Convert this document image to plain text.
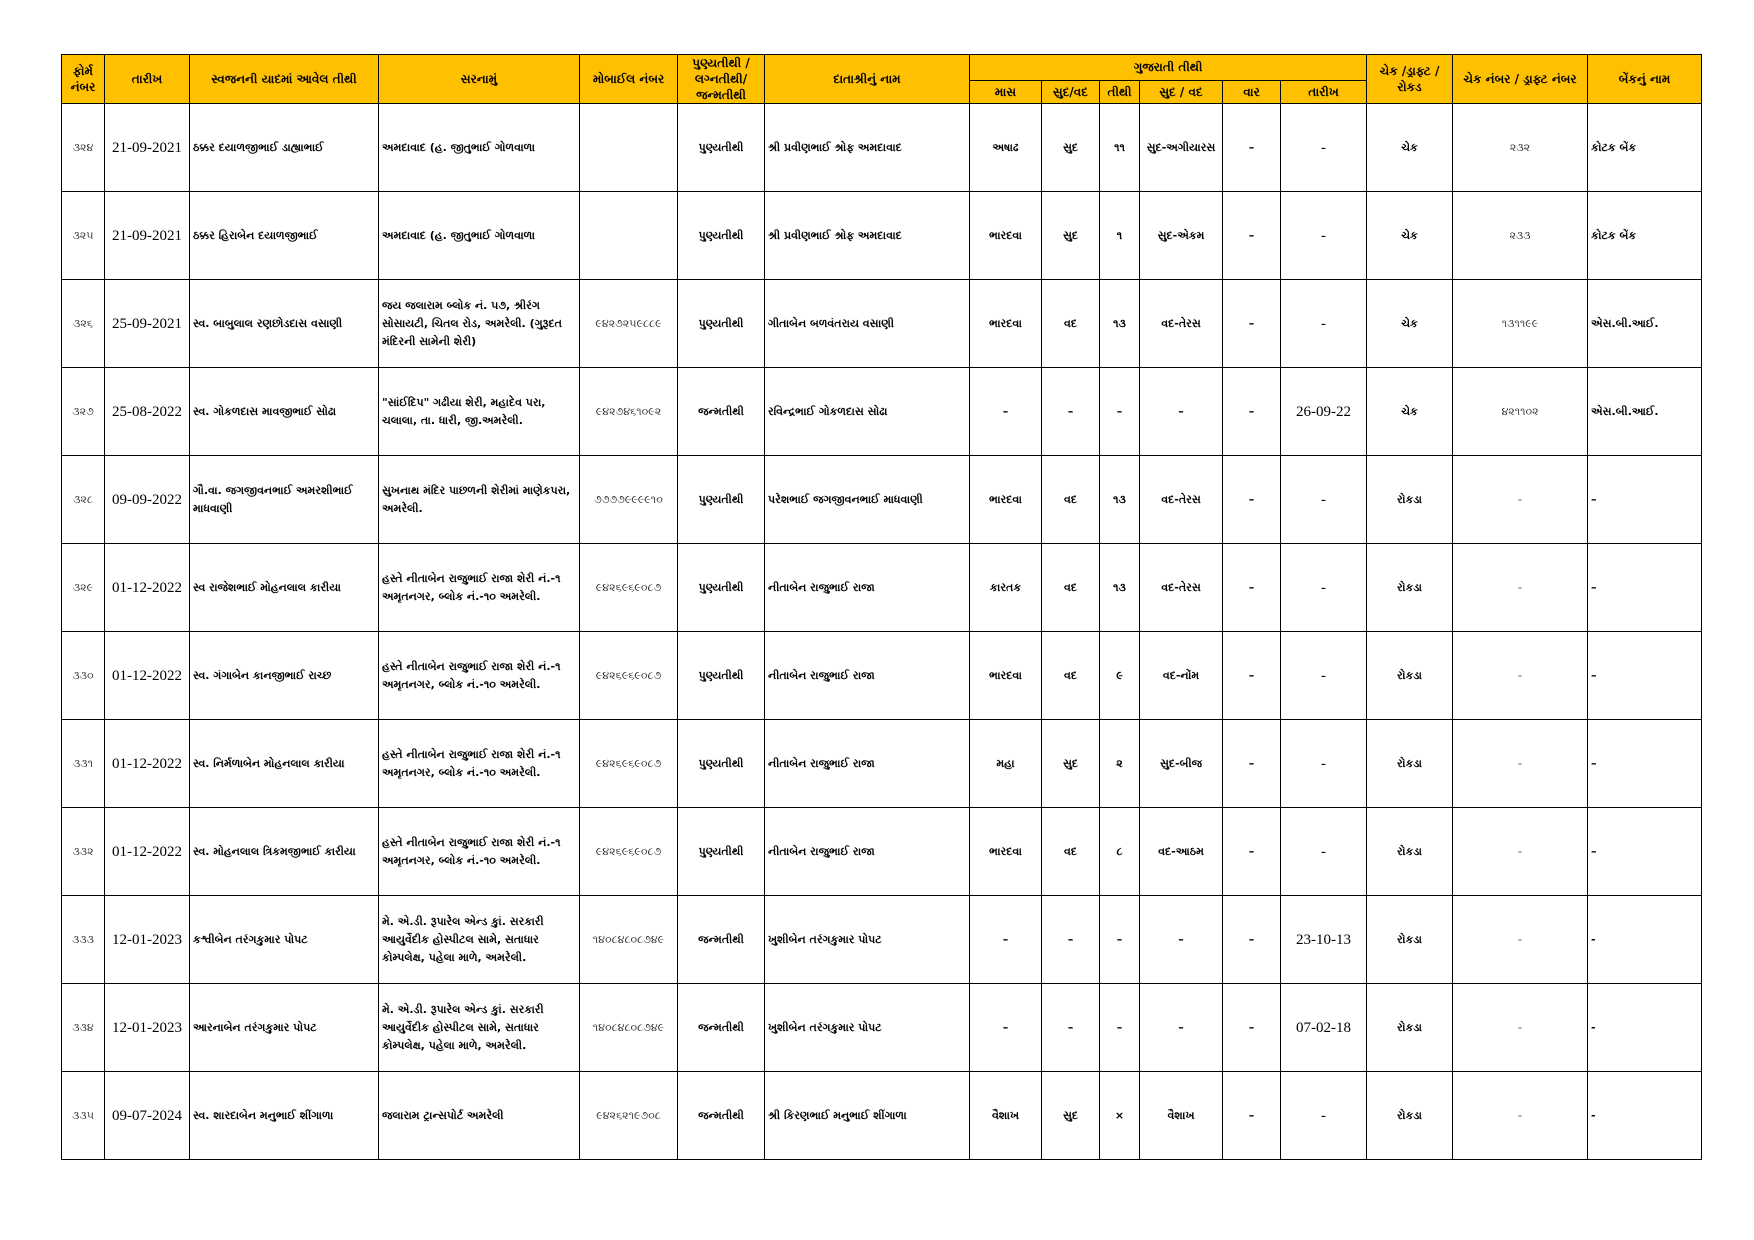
ફોર્મ નંબર	તારીખ	સ્વજનની યાદમાં આવેલ તીથી	સરનામું	મોબાઈલ નંબર	પુણ્યતીથી / લગ્નતીથી/ જન્મતીથી	દાતાશ્રીનું નામ	ગુજરાતી તીથી						ચેક /ડ્રાફ્ટ / રોકડ	ચેક નંબર / ડ્રાફ્ટ નંબર	બેંકનું નામ
							માસ	સુદ/વદ	તીથી	સુદ / વદ	વાર	તારીખ			
૩૨૪	21-09-2021	ઠક્કર દયાળજીભાઈ ડાહ્યાભાઈ	અમદાવાદ (હ. જીતુભાઈ ગોળવાળા		પુણ્યતીથી	શ્રી પ્રવીણભાઈ શ્રોફ અમદાવાદ	અષાઢ	સુદ	૧૧	સુદ-અગીયારસ	–	-	ચેક	૨૩૨	કોટક બેંક
૩૨૫	21-09-2021	ઠક્કર હિરાબેન દયાળજીભાઈ	અમદાવાદ (હ. જીતુભાઈ ગોળવાળા		પુણ્યતીથી	શ્રી પ્રવીણભાઈ શ્રોફ અમદાવાદ	ભારદવા	સુદ	૧	સુદ-એકમ	–	-	ચેક	૨૩૩	કોટક બેંક
૩૨૬	25-09-2021	સ્વ. બાબુલાલ રણછોડદાસ વસાણી	જય જલારામ બ્લોક નં. ૫૭, શ્રીરંગ સોસાયટી, ચિતલ રોડ, અમરેલી. (ગુરૂદત મંદિરની સામેની શેરી)	૯૪૨૭૨૫૯૮૮૯	પુણ્યતીથી	ગીતાબેન બળવંતરાય વસાણી	ભારદવા	વદ	૧૩	વદ-તેરસ	–	-	ચેક	૧૩૧૧૯૯	એસ.બી.આઈ.
૩૨૭	25-08-2022	સ્વ. ગોકળદાસ માવજીભાઈ સોઢા	"સાંઈદિપ" ગઢીયા શેરી, મહાદેવ પરા, ચલાલા, તા. ધારી, જી.અમરેલી.	૯૪૨૭૪૬૧૦૯૨	જન્મતીથી	રવિન્દ્રભાઈ ગોકળદાસ સોઢા	–	–	–	–	–	26-09-22	ચેક	૪૨૧૧૦૨	એસ.બી.આઈ.
૩૨૮	09-09-2022	ગૌ.વા. જગજીવનભાઈ અમરશીભાઈ માધવાણી	સુખનાથ મંદિર પાછળની શેરીમાં માણેકપરા, અમરેલી.	૭૭૭૭૯૯૯૯૧૦	પુણ્યતીથી	પરેશભાઈ જગજીવનભાઈ માધવાણી	ભારદવા	વદ	૧૩	વદ-તેરસ	–	-	રોકડા	-	–
૩૨૯	01-12-2022	સ્વ રાજેશભાઈ મોહનલાલ કારીયા	હસ્તે નીતાબેન રાજુભાઈ રાજા શેરી નં.-૧ અમૃતનગર, બ્લોક નં.-૧૦ અમરેલી.	૯૪૨૬૯૬૯૦૮૭	પુણ્યતીથી	નીતાબેન રાજુભાઈ રાજા	કારતક	વદ	૧૩	વદ-તેરસ	–	-	રોકડા	-	–
૩૩૦	01-12-2022	સ્વ. ગંગાબેન કાનજીભાઈ રાચ્છ	હસ્તે નીતાબેન રાજુભાઈ રાજા શેરી નં.-૧ અમૃતનગર, બ્લોક નં.-૧૦ અમરેલી.	૯૪૨૬૯૬૯૦૮૭	પુણ્યતીથી	નીતાબેન રાજુભાઈ રાજા	ભારદવા	વદ	૯	વદ-નોંમ	–	-	રોકડા	-	–
૩૩૧	01-12-2022	સ્વ. નિર્મળાબેન મોહનલાલ કારીયા	હસ્તે નીતાબેન રાજુભાઈ રાજા શેરી નં.-૧ અમૃતનગર, બ્લોક નં.-૧૦ અમરેલી.	૯૪૨૬૯૬૯૦૮૭	પુણ્યતીથી	નીતાબેન રાજુભાઈ રાજા	મહા	સુદ	૨	સુદ-બીજ	–	-	રોકડા	-	–
૩૩૨	01-12-2022	સ્વ. મોહનલાલ ત્રિકમજીભાઈ કારીયા	હસ્તે નીતાબેન રાજુભાઈ રાજા શેરી નં.-૧ અમૃતનગર, બ્લોક નં.-૧૦ અમરેલી.	૯૪૨૬૯૬૯૦૮૭	પુણ્યતીથી	નીતાબેન રાજુભાઈ રાજા	ભારદવા	વદ	૮	વદ-આઠમ	–	-	રોકડા	-	–
૩૩૩	12-01-2023	કશ્વીબેન તરંગકુમાર પોપટ	મે. એ.ડી. રૂપારેલ એન્ડ કાું. સરકારી આયુર્વેદીક હોસ્પીટલ સામે, સતાધાર કોમ્પલેક્ષ, પહેલા માળે, અમરેલી.	૧૪૦૮૪૮૦૮૭૪૯	જન્મતીથી	ખુશીબેન તરંગકુમાર પોપટ	–	–	–	–	–	23-10-13	રોકડા	-	-
૩૩૪	12-01-2023	આરનાબેન તરંગકુમાર પોપટ	મે. એ.ડી. રૂપારેલ એન્ડ કાું. સરકારી આયુર્વેદીક હોસ્પીટલ સામે, સતાધાર કોમ્પલેક્ષ, પહેલા માળે, અમરેલી.	૧૪૦૮૪૮૦૮૭૪૯	જન્મતીથી	ખુશીબેન તરંગકુમાર પોપટ	–	–	–	–	–	07-02-18	રોકડા	-	-
૩૩૫	09-07-2024	સ્વ. શારદાબેન મનુભાઈ શીંગાળા	જલારામ ટ્રાન્સપોર્ટ અમરેલી	૯૪૨૬૨૧૯૭૦૮	જન્મતીથી	શ્રી કિરણભાઈ મનુભાઈ શીંગાળા	વૈશાખ	સુદ	×	વૈશાખ	–	-	રોકડા	-	-
